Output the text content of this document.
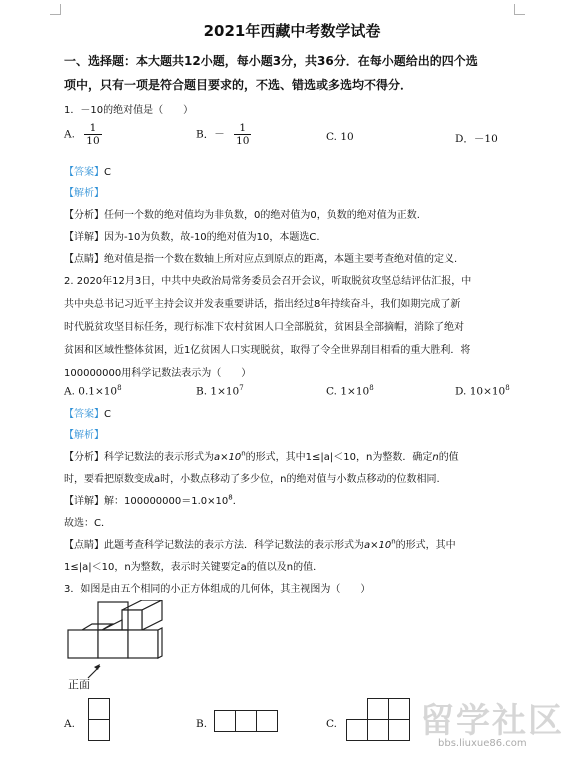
2021年西藏中考数学试卷
一、选择题：本大题共12小题，每小题3分，共36分．在每小题给出的四个选
项中，只有一项是符合题目要求的，不选、错选或多选均不得分．
1．－10的绝对值是（　　）
A. $\frac{1}{10}$	B．－ $\frac{1}{10}$	C. 10	D．－10
【答案】C
【解析】
【分析】任何一个数的绝对值均为非负数，0的绝对值为0，负数的绝对值为正数.
【详解】因为-10为负数，故-10的绝对值为10，本题选C.
【点睛】绝对值是指一个数在数轴上所对应点到原点的距离，本题主要考查绝对值的定义.
2. 2020年12月3日，中共中央政治局常务委员会召开会议，听取脱贫攻坚总结评估汇报，中
共中央总书记习近平主持会议并发表重要讲话，指出经过8年持续奋斗，我们如期完成了新
时代脱贫攻坚目标任务，现行标准下农村贫困人口全部脱贫，贫困县全部摘帽，消除了绝对
贫困和区域性整体贫困，近1亿贫困人口实现脱贫，取得了令全世界刮目相看的重大胜利．将
100000000用科学记数法表示为（　　）
A. $0.1\times 10^8$	B. $1\times 10^7$	C. $1\times 10^8$	D. $10\times 10^8$
【答案】C
【解析】
【分析】科学记数法的表示形式为$a\times 10^n$的形式，其中1≤|a|＜10，n为整数．确定n的值
时，要看把原数变成a时，小数点移动了多少位，n的绝对值与小数点移动的位数相同.
【详解】解：$100000000=1.0\times 10^8$．
故选：C．
【点睛】此题考查科学记数法的表示方法．科学记数法的表示形式为$a\times 10^n$的形式，其中
1≤|a|＜10，n为整数，表示时关键要定a的值以及n的值．
3．如图是由五个相同的小正方体组成的几何体，其主视图为（　　）
正面
A.	B.	C. 留学社区
bbs.liuxue86.com
